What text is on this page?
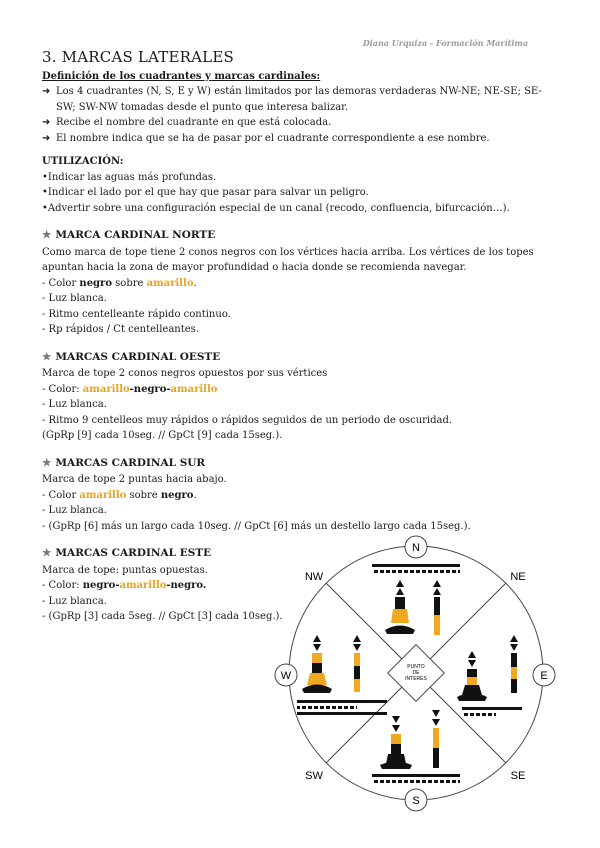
Diana Urquiza - Formación Marítima
3. MARCAS LATERALES

Definición de los cuadrantes y marcas cardinales:

➜ Los 4 cuadrantes (N, S, E y W) están limitados por las demoras verdaderas NW-NE; NE-SE; SE-SW; SW-NW tomadas desde el punto que interesa balizar.

➜ Recibe el nombre del cuadrante en que está colocada.

➜ El nombre indica que se ha de pasar por el cuadrante correspondiente a ese nombre.

UTILIZACIÓN:

•Indicar las aguas más profundas.

•Indicar el lado por el que hay que pasar para salvar un peligro.

•Advertir sobre una configuración especial de un canal (recodo, confluencia, bifurcación…).

★ MARCA CARDINAL NORTE

Como marca de tope tiene 2 conos negros con los vértices hacia arriba. Los vértices de los topes apuntan hacia la zona de mayor profundidad o hacia donde se recomienda navegar.

- Color negro sobre amarillo.

- Luz blanca.

- Ritmo centelleante rápido continuo.

- Rp rápidos / Ct centelleantes.

★ MARCAS CARDINAL OESTE

Marca de tope 2 conos negros opuestos por sus vértices

- Color: amarillo-negro-amarillo

- Luz blanca.

- Ritmo 9 centelleos muy rápidos o rápidos seguidos de un periodo de oscuridad.

(GpRp [9] cada 10seg. // GpCt [9] cada 15seg.).

★ MARCAS CARDINAL SUR

Marca de tope 2 puntas hacia abajo.

- Color amarillo sobre negro.

- Luz blanca.

- (GpRp [6] más un largo cada 10seg. // GpCt [6] más un destello largo cada 15seg.).

★ MARCAS CARDINAL ESTE

Marca de tope: puntas opuestas.

- Color: negro-amarillo-negro.

- Luz blanca.

- (GpRp [3] cada 5seg. // GpCt [3] cada 10seg.).

PUNTO
DE
INTERÉS
N
S
W	E
NW	NE
SW	SE
